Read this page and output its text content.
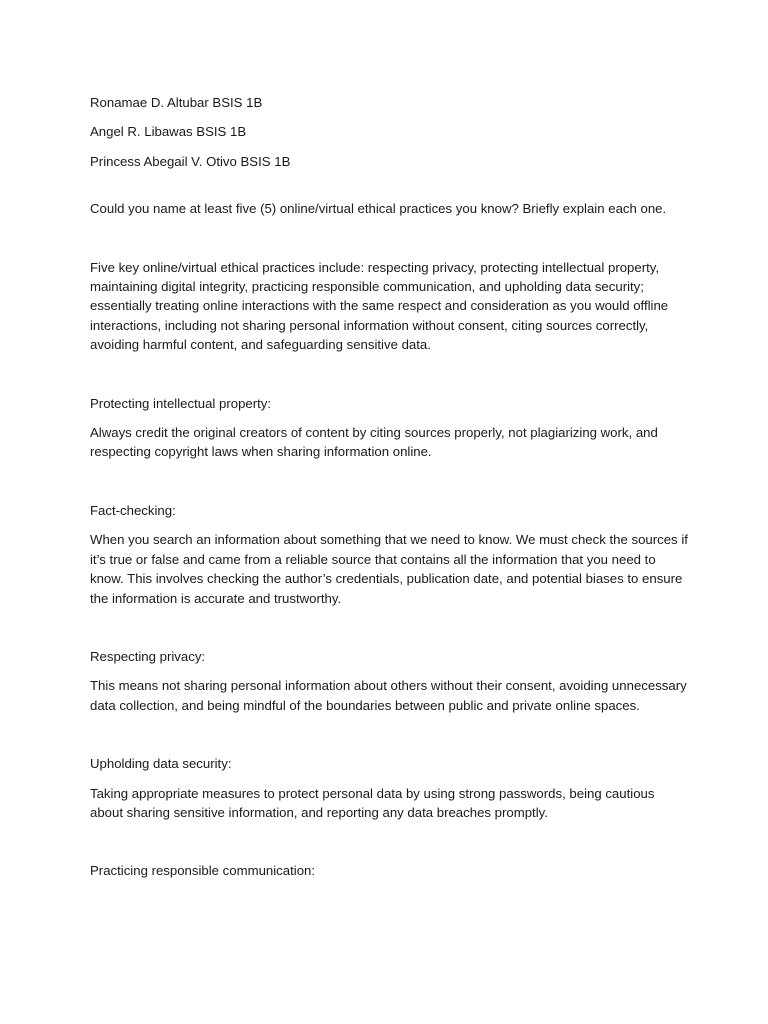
Ronamae D. Altubar BSIS 1B

Angel R. Libawas BSIS 1B

Princess Abegail V. Otivo BSIS 1B

Could you name at least five (5) online/virtual ethical practices you know? Briefly explain each one.

Five key online/virtual ethical practices include: respecting privacy, protecting intellectual property, maintaining digital integrity, practicing responsible communication, and upholding data security; essentially treating online interactions with the same respect and consideration as you would offline interactions, including not sharing personal information without consent, citing sources correctly, avoiding harmful content, and safeguarding sensitive data.

Protecting intellectual property:

Always credit the original creators of content by citing sources properly, not plagiarizing work, and respecting copyright laws when sharing information online.

Fact-checking:

When you search an information about something that we need to know. We must check the sources if it’s true or false and came from a reliable source that contains all the information that you need to know. This involves checking the author’s credentials, publication date, and potential biases to ensure the information is accurate and trustworthy.

Respecting privacy:

This means not sharing personal information about others without their consent, avoiding unnecessary data collection, and being mindful of the boundaries between public and private online spaces.

Upholding data security:

Taking appropriate measures to protect personal data by using strong passwords, being cautious about sharing sensitive information, and reporting any data breaches promptly.

Practicing responsible communication:
